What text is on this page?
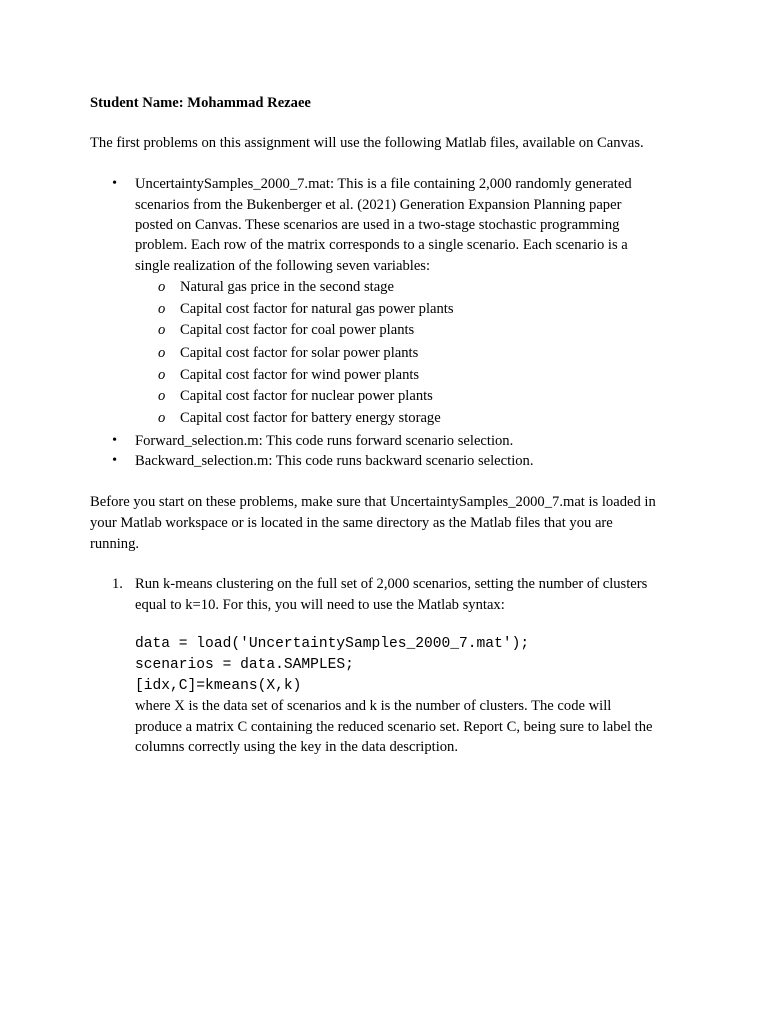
Student Name: Mohammad Rezaee
The first problems on this assignment will use the following Matlab files, available on Canvas.
• UncertaintySamples_2000_7.mat: This is a file containing 2,000 randomly generated
scenarios from the Bukenberger et al. (2021) Generation Expansion Planning paper
posted on Canvas. These scenarios are used in a two-stage stochastic programming
problem. Each row of the matrix corresponds to a single scenario. Each scenario is a
single realization of the following seven variables:
o Natural gas price in the second stage
o Capital cost factor for natural gas power plants
o Capital cost factor for coal power plants
o Capital cost factor for solar power plants
o Capital cost factor for wind power plants
o Capital cost factor for nuclear power plants
o Capital cost factor for battery energy storage
• Forward_selection.m: This code runs forward scenario selection.
• Backward_selection.m: This code runs backward scenario selection.
Before you start on these problems, make sure that UncertaintySamples_2000_7.mat is loaded in
your Matlab workspace or is located in the same directory as the Matlab files that you are
running.
1. Run k-means clustering on the full set of 2,000 scenarios, setting the number of clusters
equal to k=10. For this, you will need to use the Matlab syntax:
data = load('UncertaintySamples_2000_7.mat');
scenarios = data.SAMPLES;
[idx,C]=kmeans(X,k)
where X is the data set of scenarios and k is the number of clusters. The code will
produce a matrix C containing the reduced scenario set. Report C, being sure to label the
columns correctly using the key in the data description.
